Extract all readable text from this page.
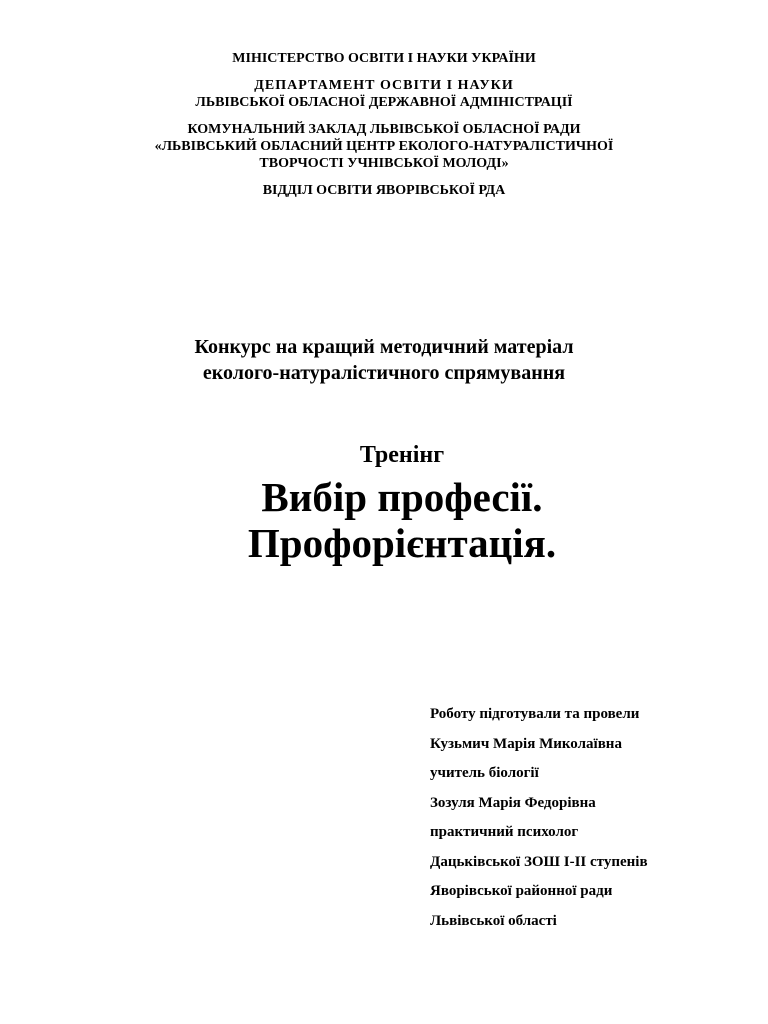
МІНІСТЕРСТВО ОСВІТИ І НАУКИ УКРАЇНИ

ДЕПАРТАМЕНТ ОСВІТИ І НАУКИ
ЛЬВІВСЬКОЇ ОБЛАСНОЇ ДЕРЖАВНОЇ АДМІНІСТРАЦІЇ

КОМУНАЛЬНИЙ ЗАКЛАД ЛЬВІВСЬКОЇ ОБЛАСНОЇ РАДИ
«ЛЬВІВСЬКИЙ ОБЛАСНИЙ ЦЕНТР ЕКОЛОГО-НАТУРАЛІСТИЧНОЇ
ТВОРЧОСТІ УЧНІВСЬКОЇ МОЛОДІ»

ВІДДІЛ ОСВІТИ ЯВОРІВСЬКОЇ РДА

Конкурс на кращий методичний матеріал
еколого-натуралістичного спрямування
Тренінг
Вибір професії.
Профорієнтація.
Роботу підготували та провели
Кузьмич Марія Миколаївна
учитель біології
Зозуля Марія Федорівна
практичний психолог
Дацьківської ЗОШ І-ІІ ступенів
Яворівської районної ради
Львівської області
